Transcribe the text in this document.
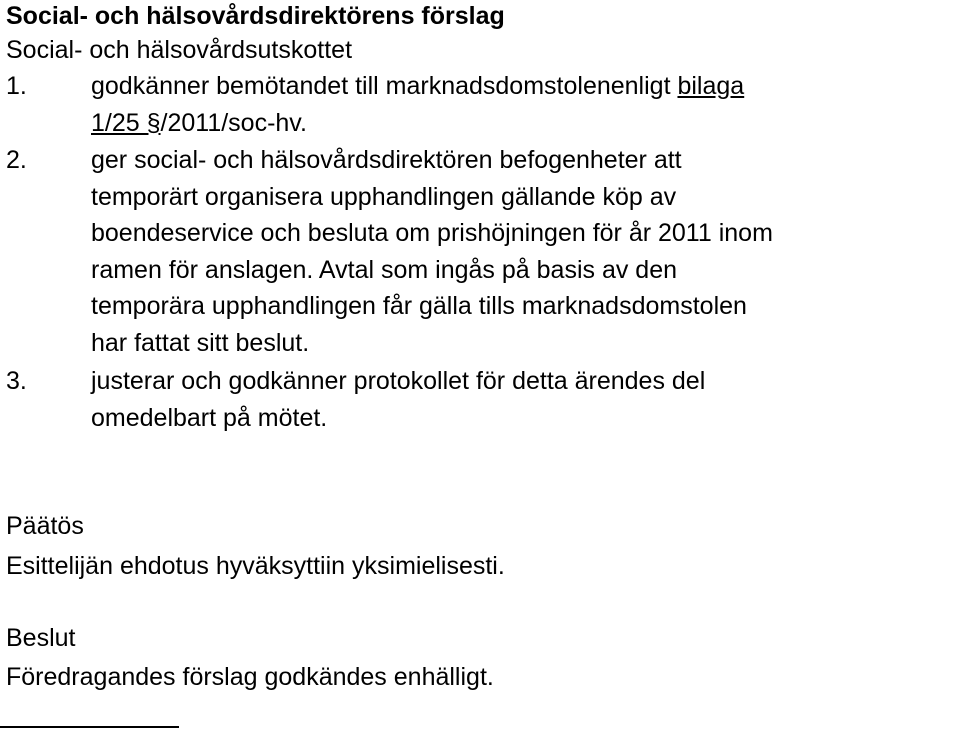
Social- och hälsovårdsdirektörens förslag
Social- och hälsovårdsutskottet
1.	godkänner bemötandet till marknadsdomstolenenligt bilaga
1/25 §/2011/soc-hv.
2.	ger social- och hälsovårdsdirektören befogenheter att
temporärt organisera upphandlingen gällande köp av
boendeservice och besluta om prishöjningen för år 2011 inom
ramen för anslagen. Avtal som ingås på basis av den
temporära upphandlingen får gälla tills marknadsdomstolen
har fattat sitt beslut.
3.	justerar och godkänner protokollet för detta ärendes del
omedelbart på mötet.
Päätös
Esittelijän ehdotus hyväksyttiin yksimielisesti.
Beslut
Föredragandes förslag godkändes enhälligt.
